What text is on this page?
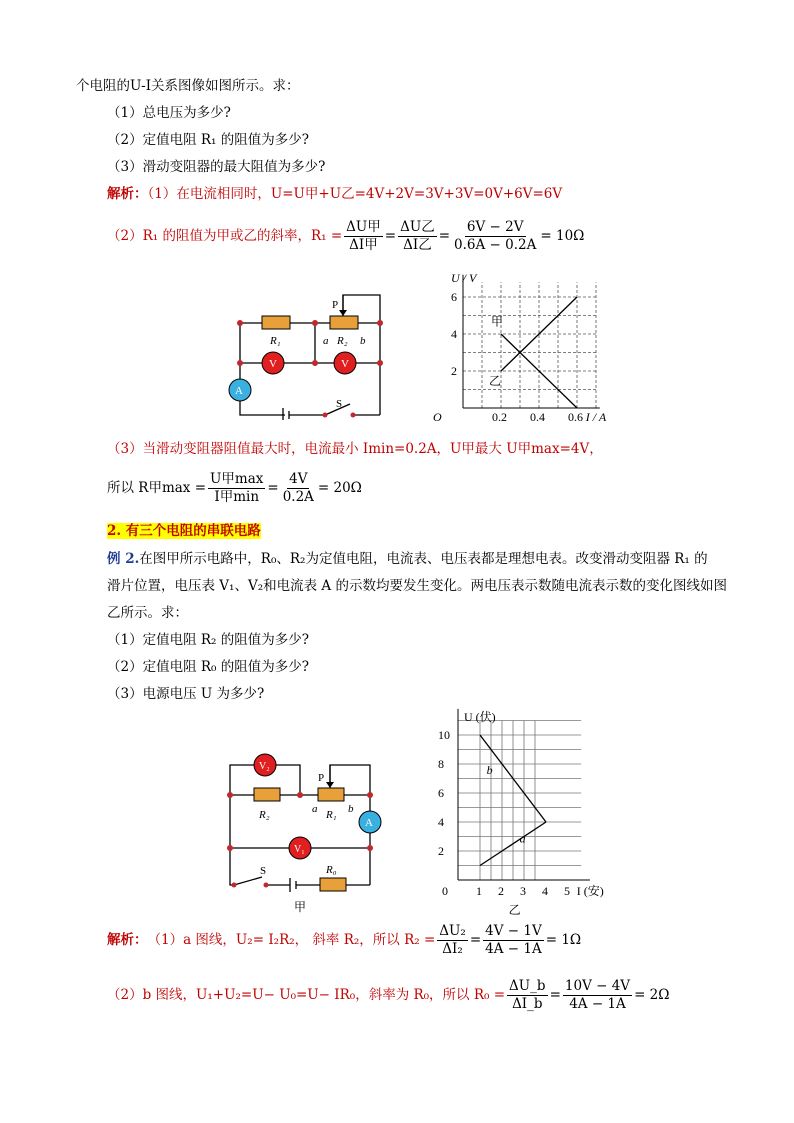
个电阻的U-I关系图像如图所示。求：
（1）总电压为多少?
（2）定值电阻 R₁ 的阻值为多少?
（3）滑动变阻器的最大阻值为多少?
解析：（1）在电流相同时，U=U甲+U乙=4V+2V=3V+3V=0V+6V=6V
（2）R₁ 的阻值为甲或乙的斜率，$R_1 = \frac{\text{ΔU甲}}{\text{ΔI甲}} = \frac{\text{ΔU乙}}{\text{ΔI乙}} = \frac{6V - 2V}{0.6A - 0.2A} = 10\Omega$
V	V
A
R₁	R₂
a	b
P
S
0.2 0.4 0.6
2
4
6
O
U / V
I / A
甲
乙
（3）当滑动变阻器阻值最大时，电流最小 Imin=0.2A，U甲最大 U甲max=4V，
所以 R甲$\max = \frac{\text{U甲max}}{\text{I甲min}} = \frac{4V}{0.2A} = 20\Omega$
2. 有三个电阻的串联电路
例 2.在图甲所示电路中，R₀、R₂为定值电阻，电流表、电压表都是理想电表。改变滑动变阻器 R₁ 的
滑片位置，电压表 V₁、V₂和电流表 A 的示数均要发生变化。两电压表示数随电流表示数的变化图线如图
乙所示。求：
（1）定值电阻 R₂ 的阻值为多少?
（2）定值电阻 R₀ 的阻值为多少?
（3）电源电压 U 为多少?
V₂
V₁
A
R₂	R₁
R₀
a	b
P
S
甲
1 2 3 4 5
2
4
6
8
10
0
U (伏)
I (安)
a
b
乙
解析： （1）a 图线，U₂= I₂R₂， 斜率 R₂，所以 $R_2 = \frac{\text{ΔU₂}}{\text{ΔI₂}} = \frac{4V - 1V}{4A - 1A} = 1\Omega$
（2）b 图线，U₁+U₂=U− U₀=U− IR₀，斜率为 R₀，所以 $R_0 = \frac{\Delta U\_b}{\Delta I\_b} = \frac{10V - 4V}{4A - 1A} = 2\Omega$
